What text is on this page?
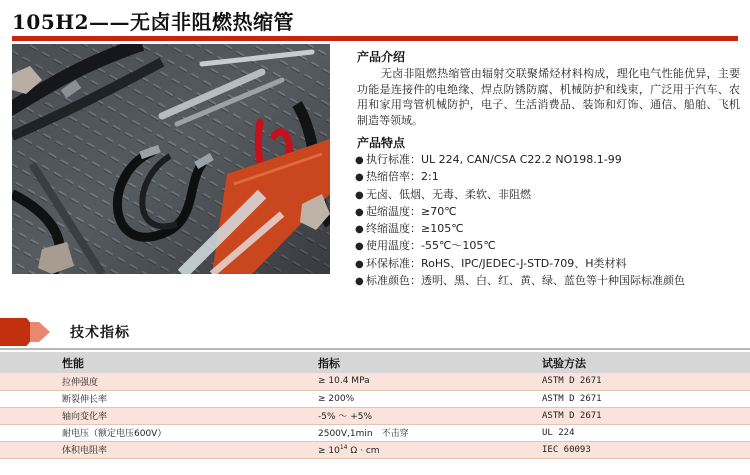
105H2——无卤非阻燃热缩管
产品介绍

无卤非阻燃热缩管由辐射交联聚烯烃材料构成，理化电气性能优异，主要功能是连接件的电绝缘、焊点防锈防腐、机械防护和线束，广泛用于汽车、农用和家用弯管机械防护，电子、生活消费品、装饰和灯饰、通信、船舶、飞机制造等领域。

产品特点
● 执行标准：UL 224, CAN/CSA C22.2 NO198.1-99
● 热缩倍率：2:1
● 无卤、低烟、无毒、柔软、非阻燃
● 起缩温度：≥70℃
● 终缩温度：≥105℃
● 使用温度：-55℃～105℃
● 环保标准：RoHS、IPC/JEDEC-J-STD-709、H类材料
● 标准颜色：透明、黑、白、红、黄、绿、蓝色等十种国际标准颜色
技术指标
性能	指标	试验方法
拉伸强度	≥ 10.4 MPa	ASTM D 2671
断裂伸长率	≥ 200%	ASTM D 2671
轴向变化率	-5% ～ +5%	ASTM D 2671
耐电压（额定电压600V）	2500V,1min　不击穿	UL 224
体积电阻率	≥ $10^{14}$ Ω · cm	IEC 60093
